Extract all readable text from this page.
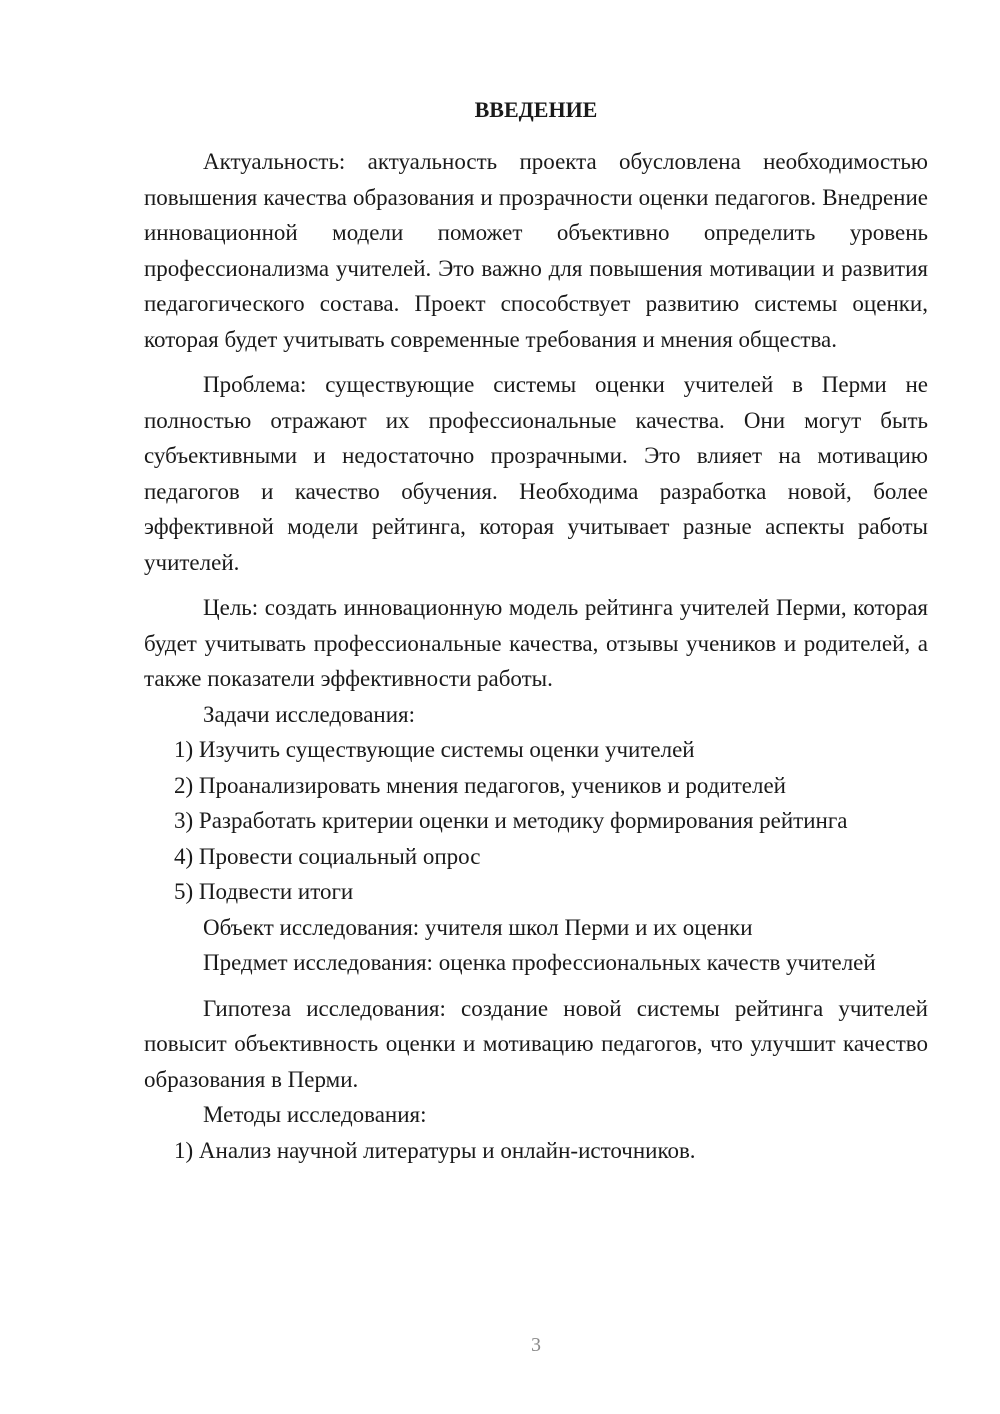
ВВЕДЕНИЕ

Актуальность: актуальность проекта обусловлена необходимостью повышения качества образования и прозрачности оценки педагогов. Внедрение инновационной модели поможет объективно определить уровень профессионализма учителей. Это важно для повышения мотивации и развития педагогического состава. Проект способствует развитию системы оценки, которая будет учитывать современные требования и мнения общества.

Проблема: существующие системы оценки учителей в Перми не полностью отражают их профессиональные качества. Они могут быть субъективными и недостаточно прозрачными. Это влияет на мотивацию педагогов и качество обучения. Необходима разработка новой, более эффективной модели рейтинга, которая учитывает разные аспекты работы учителей.

Цель: создать инновационную модель рейтинга учителей Перми, которая будет учитывать профессиональные качества, отзывы учеников и родителей, а также показатели эффективности работы.

Задачи исследования:

1) Изучить существующие системы оценки учителей

2) Проанализировать мнения педагогов, учеников и родителей

3) Разработать критерии оценки и методику формирования рейтинга

4) Провести социальный опрос

5) Подвести итоги

Объект исследования: учителя школ Перми и их оценки

Предмет исследования: оценка профессиональных качеств учителей

Гипотеза исследования: создание новой системы рейтинга учителей повысит объективность оценки и мотивацию педагогов, что улучшит качество образования в Перми.

Методы исследования:

1) Анализ научной литературы и онлайн-источников.

3
